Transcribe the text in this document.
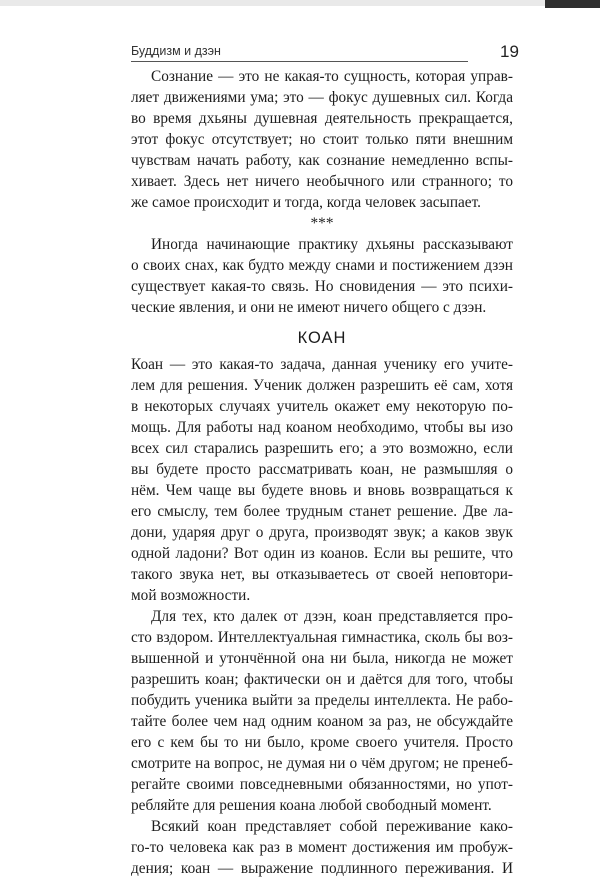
Буддизм и дзэн	19
Сознание — это не какая-то сущность, которая управ-
ляет движениями ума; это — фокус душевных сил. Когда
во время дхьяны душевная деятельность прекращается,
этот фокус отсутствует; но стоит только пяти внешним
чувствам начать работу, как сознание немедленно вспы-
хивает. Здесь нет ничего необычного или странного; то
же самое происходит и тогда, когда человек засыпает.
***
Иногда начинающие практику дхьяны рассказывают
о своих снах, как будто между снами и постижением дзэн
существует какая-то связь. Но сновидения — это психи-
ческие явления, и они не имеют ничего общего с дзэн.
КОАН
Коан — это какая-то задача, данная ученику его учите-
лем для решения. Ученик должен разрешить её сам, хотя
в некоторых случаях учитель окажет ему некоторую по-
мощь. Для работы над коаном необходимо, чтобы вы изо
всех сил старались разрешить его; а это возможно, если
вы будете просто рассматривать коан, не размышляя о
нём. Чем чаще вы будете вновь и вновь возвращаться к
его смыслу, тем более трудным станет решение. Две ла-
дони, ударяя друг о друга, производят звук; а каков звук
одной ладони? Вот один из коанов. Если вы решите, что
такого звука нет, вы отказываетесь от своей неповтори-
мой возможности.
Для тех, кто далек от дзэн, коан представляется про-
сто вздором. Интеллектуальная гимнастика, сколь бы воз-
вышенной и утончённой она ни была, никогда не может
разрешить коан; фактически он и даётся для того, чтобы
побудить ученика выйти за пределы интеллекта. Не рабо-
тайте более чем над одним коаном за раз, не обсуждайте
его с кем бы то ни было, кроме своего учителя. Просто
смотрите на вопрос, не думая ни о чём другом; не пренеб-
регайте своими повседневными обязанностями, но упот-
ребляйте для решения коана любой свободный момент.
Всякий коан представляет собой переживание како-
го-то человека как раз в момент достижения им пробуж-
дения; коан — выражение подлинного переживания. И
